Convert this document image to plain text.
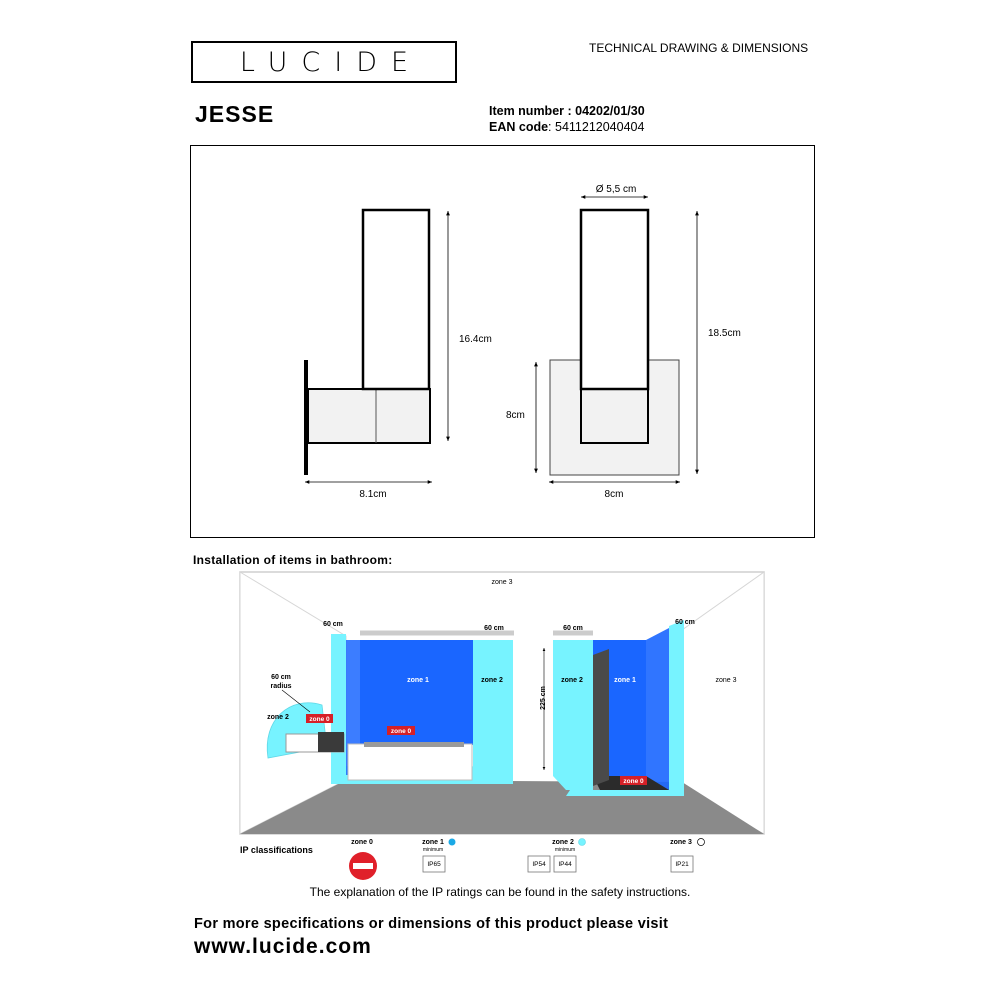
LUCIDE	TECHNICAL DRAWING & DIMENSIONS
JESSE	Item number : 04202/01/30
EAN code: 5411212040404
16.4cm
8.1cm
Ø 5,5 cm
18.5cm
8cm
8cm
Installation of items in bathroom:
zone 3
zone 3
60 cm
60 cm	60 cm
60 cm
60 cm
radius
zone 2	zone 0
zone 0
zone 0
zone 1	zone 2	zone 2	zone 1
225 cm
IP classifications
zone 0	zone 1
minimum
IP65
zone 2
minimum
IP54 IP44
zone 3
IP21
The explanation of the IP ratings can be found in the safety instructions.
For more specifications or dimensions of this product please visit
www.lucide.com
